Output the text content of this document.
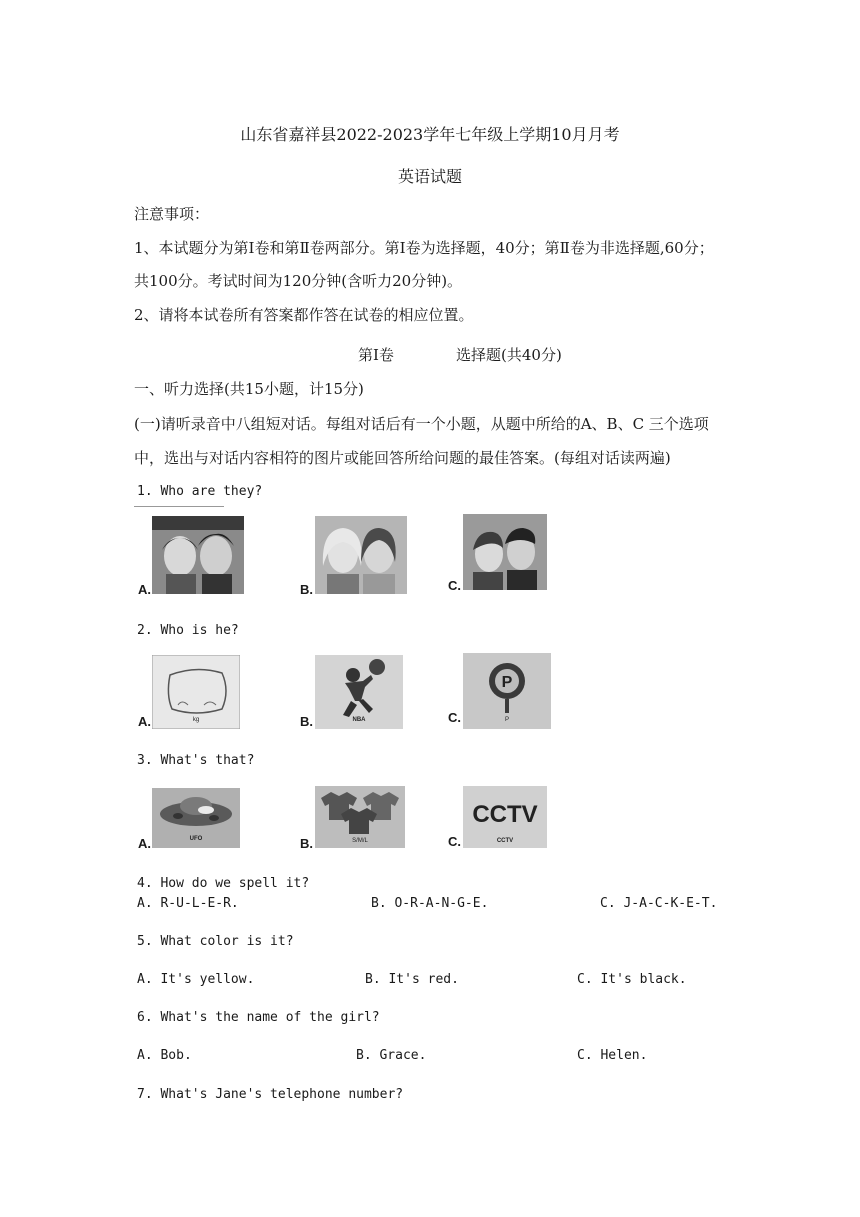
山东省嘉祥县2022-2023学年七年级上学期10月月考
英语试题
注意事项：
1、本试题分为第Ⅰ卷和第Ⅱ卷两部分。第Ⅰ卷为选择题，40分；第Ⅱ卷为非选择题,60分；
共100分。考试时间为120分钟(含听力20分钟)。
2、请将本试卷所有答案都作答在试卷的相应位置。
第Ⅰ卷	选择题(共40分)
一、听力选择(共15小题，计15分)
(一)请听录音中八组短对话。每组对话后有一个小题，从题中所给的A、B、C 三个选项
中，选出与对话内容相符的图片或能回答所给问题的最佳答案。(每组对话读两遍)
1. Who are they?
A.	B.	C.
2. Who is he?
kg
A.	NBA
B.
P
P
C.
3. What's that?
UFO
A.	S/M/L
B.
CCTV
CCTV
C.
4. How do we spell it?
A. R-U-L-E-R.	B. O-R-A-N-G-E.	C. J-A-C-K-E-T.
5. What color is it?
A. It's yellow.	B. It's red.	C. It's black.
6. What's the name of the girl?
A. Bob.	B. Grace.	C. Helen.
7. What's Jane's telephone number?
